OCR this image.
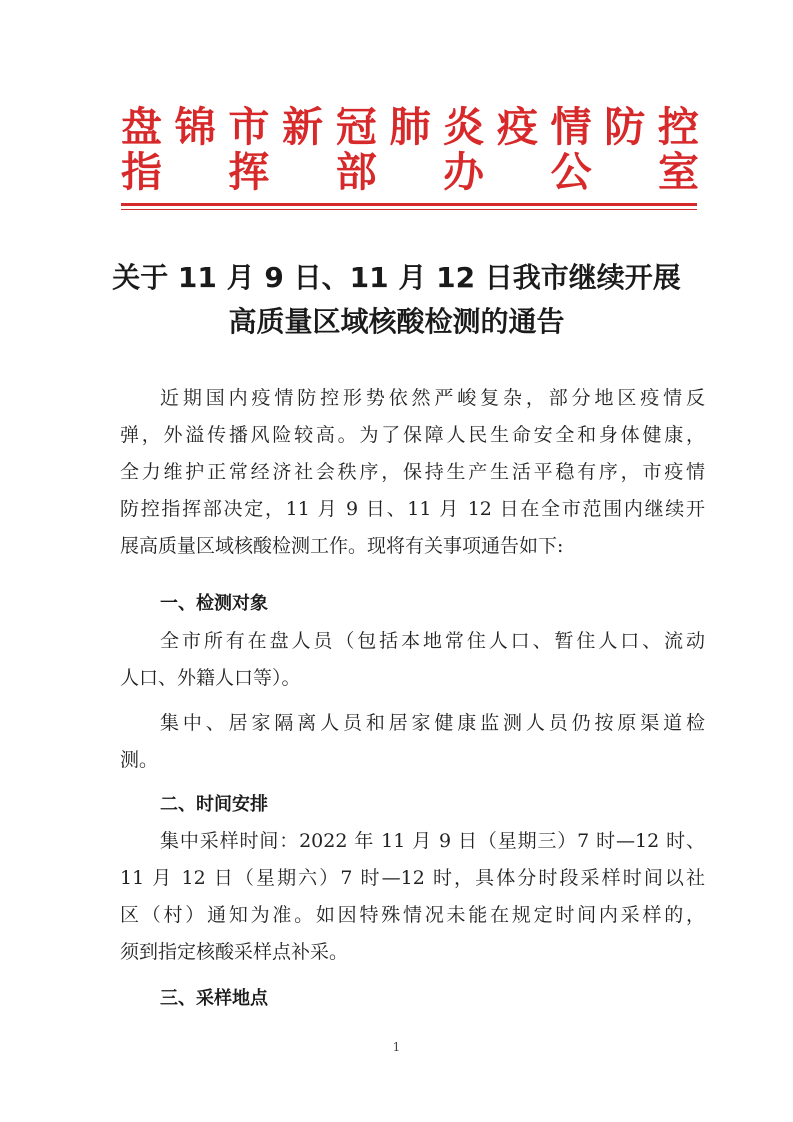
盘 锦 市 新 冠 肺 炎 疫 情 防 控
指 挥 部 办 公 室
关于 11 月 9 日、11 月 12 日我市继续开展
高质量区域核酸检测的通告
近期国内疫情防控形势依然严峻复杂，部分地区疫情反
弹，外溢传播风险较高。为了保障人民生命安全和身体健康，
全力维护正常经济社会秩序，保持生产生活平稳有序，市疫情
防控指挥部决定，11 月 9 日、11 月 12 日在全市范围内继续开
展高质量区域核酸检测工作。现将有关事项通告如下:
一、检测对象
全市所有在盘人员（包括本地常住人口、暂住人口、流动
人口、外籍人口等）。
集中、居家隔离人员和居家健康监测人员仍按原渠道检
测。
二、时间安排
集中采样时间：2022 年 11 月 9 日（星期三）7 时—12 时、
11 月 12 日（星期六）7 时—12 时，具体分时段采样时间以社
区（村）通知为准。如因特殊情况未能在规定时间内采样的，
须到指定核酸采样点补采。
三、采样地点
1
